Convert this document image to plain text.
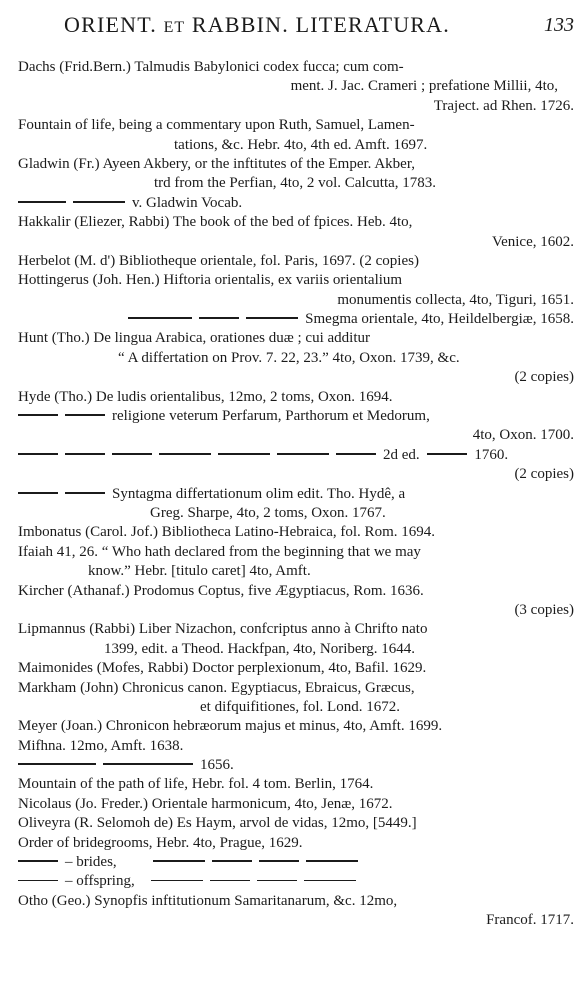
ORIENT. ET RABBIN. LITERATURA.	133
Dachs (Frid.Bern.) Talmudis Babylonici codex fucca; cum com-
ment. J. Jac. Crameri ; prefatione Millii, 4to,
Traject. ad Rhen. 1726.
Fountain of life, being a commentary upon Ruth, Samuel, Lamen-
tations, &c. Hebr. 4to, 4th ed. Amft. 1697.
Gladwin (Fr.) Ayeen Akbery, or the inftitutes of the Emper. Akber,
trd from the Perfian, 4to, 2 vol. Calcutta, 1783.
v. Gladwin Vocab.
Hakkalir (Eliezer, Rabbi) The book of the bed of fpices. Heb. 4to,
Venice, 1602.
Herbelot (M. d') Bibliotheque orientale, fol. Paris, 1697. (2 copies)
Hottingerus (Joh. Hen.) Hiftoria orientalis, ex variis orientalium
monumentis collecta, 4to, Tiguri, 1651.
Smegma orientale, 4to, Heildelbergiæ, 1658.
Hunt (Tho.) De lingua Arabica, orationes duæ ; cui additur
“ A differtation on Prov. 7. 22, 23.” 4to, Oxon. 1739, &c.
(2 copies)
Hyde (Tho.) De ludis orientalibus, 12mo, 2 toms, Oxon. 1694.
religione veterum Perfarum, Parthorum et Medorum,
4to, Oxon. 1700.
2d ed.	1760.
(2 copies)
Syntagma differtationum olim edit. Tho. Hydê, a
Greg. Sharpe, 4to, 2 toms, Oxon. 1767.
Imbonatus (Carol. Jof.) Bibliotheca Latino-Hebraica, fol. Rom. 1694.
Ifaiah 41, 26. “ Who hath declared from the beginning that we may
know.” Hebr. [titulo caret] 4to, Amft.
Kircher (Athanaf.) Prodomus Coptus, five Ægyptiacus, Rom. 1636.
(3 copies)
Lipmannus (Rabbi) Liber Nizachon, confcriptus anno à Chrifto nato
1399, edit. a Theod. Hackfpan, 4to, Noriberg. 1644.
Maimonides (Mofes, Rabbi) Doctor perplexionum, 4to, Bafil. 1629.
Markham (John) Chronicus canon. Egyptiacus, Ebraicus, Græcus,
et difquifitiones, fol. Lond. 1672.
Meyer (Joan.) Chronicon hebræorum majus et minus, 4to, Amft. 1699.
Mifhna. 12mo, Amft. 1638.
1656.
Mountain of the path of life, Hebr. fol. 4 tom. Berlin, 1764.
Nicolaus (Jo. Freder.) Orientale harmonicum, 4to, Jenæ, 1672.
Oliveyra (R. Selomoh de) Es Haym, arvol de vidas, 12mo, [5449.]
Order of bridegrooms, Hebr. 4to, Prague, 1629.
– brides,
– offspring,
Otho (Geo.) Synopfis inftitutionum Samaritanarum, &c. 12mo,
Francof. 1717.
